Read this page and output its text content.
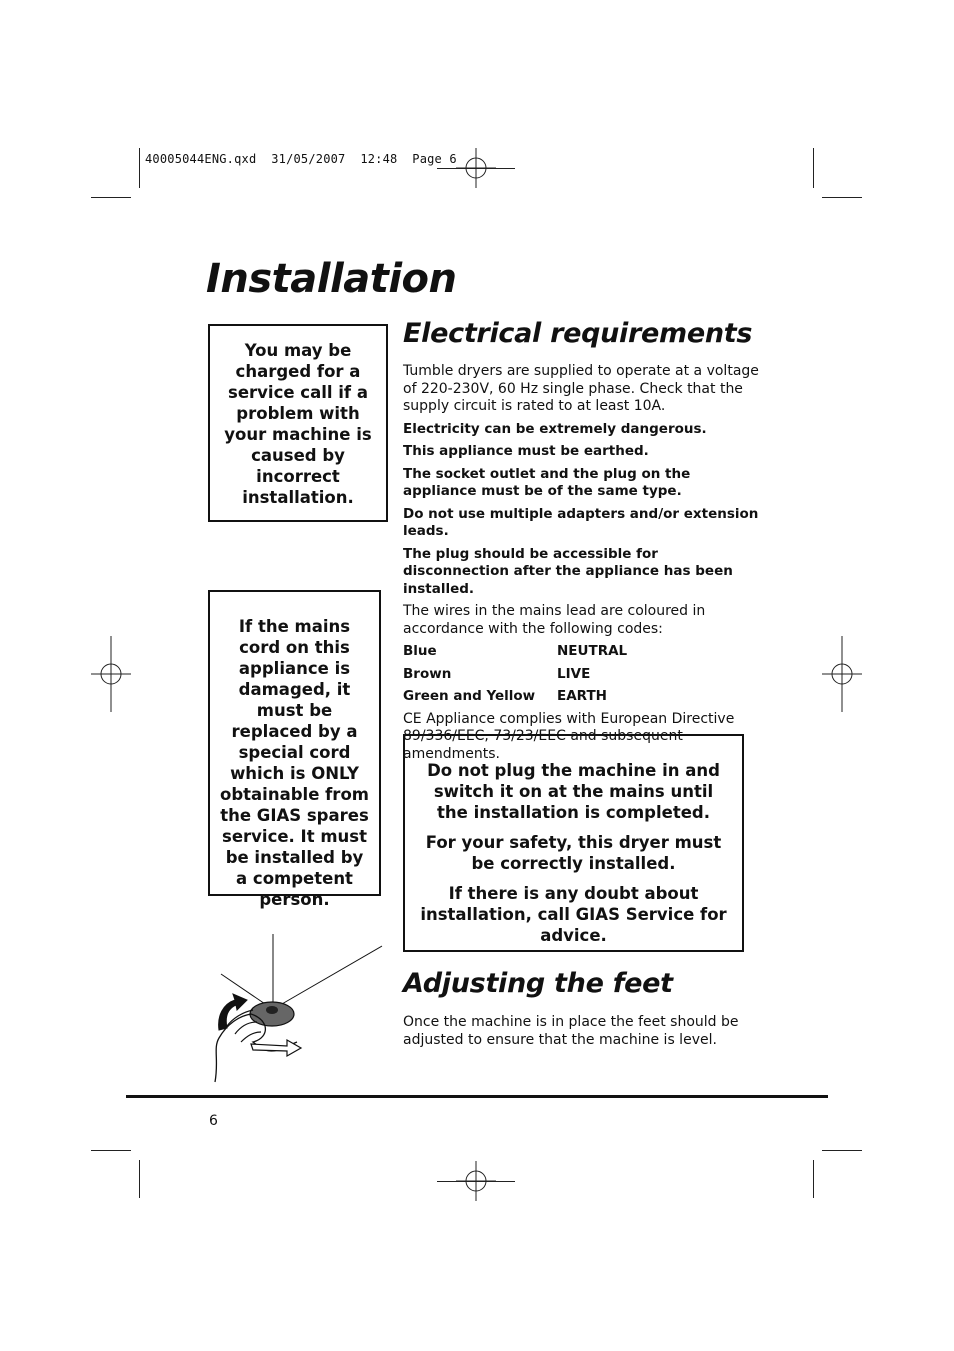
40005044ENG.qxd  31/05/2007  12:48  Page 6
Installation

You may be charged for a service call if a problem with your machine is caused by incorrect installation.

If the mains cord on this appliance is damaged, it must be replaced by a special cord which is ONLY obtainable from the GIAS spares service. It must be installed by a competent person.

Electrical requirements

Tumble dryers are supplied to operate at a voltage of 220-230V, 60 Hz single phase. Check that the supply circuit is rated to at least 10A.

Electricity can be extremely dangerous.

This appliance must be earthed.

The socket outlet and the plug on the appliance must be of the same type.

Do not use multiple adapters and/or extension leads.

The plug should be accessible for disconnection after the appliance has been installed.

The wires in the mains lead are coloured in accordance with the following codes:

Blue	NEUTRAL
Brown	LIVE
Green and Yellow	EARTH

CE Appliance complies with European Directive 89/336/EEC, 73/23/EEC and subsequent amendments.

Do not plug the machine in and switch it on at the mains until the installation is completed.

For your safety, this dryer must be correctly installed.

If there is any doubt about installation, call GIAS Service for advice.

Adjusting the feet

Once the machine is in place the feet should be adjusted to ensure that the machine is level.

6
